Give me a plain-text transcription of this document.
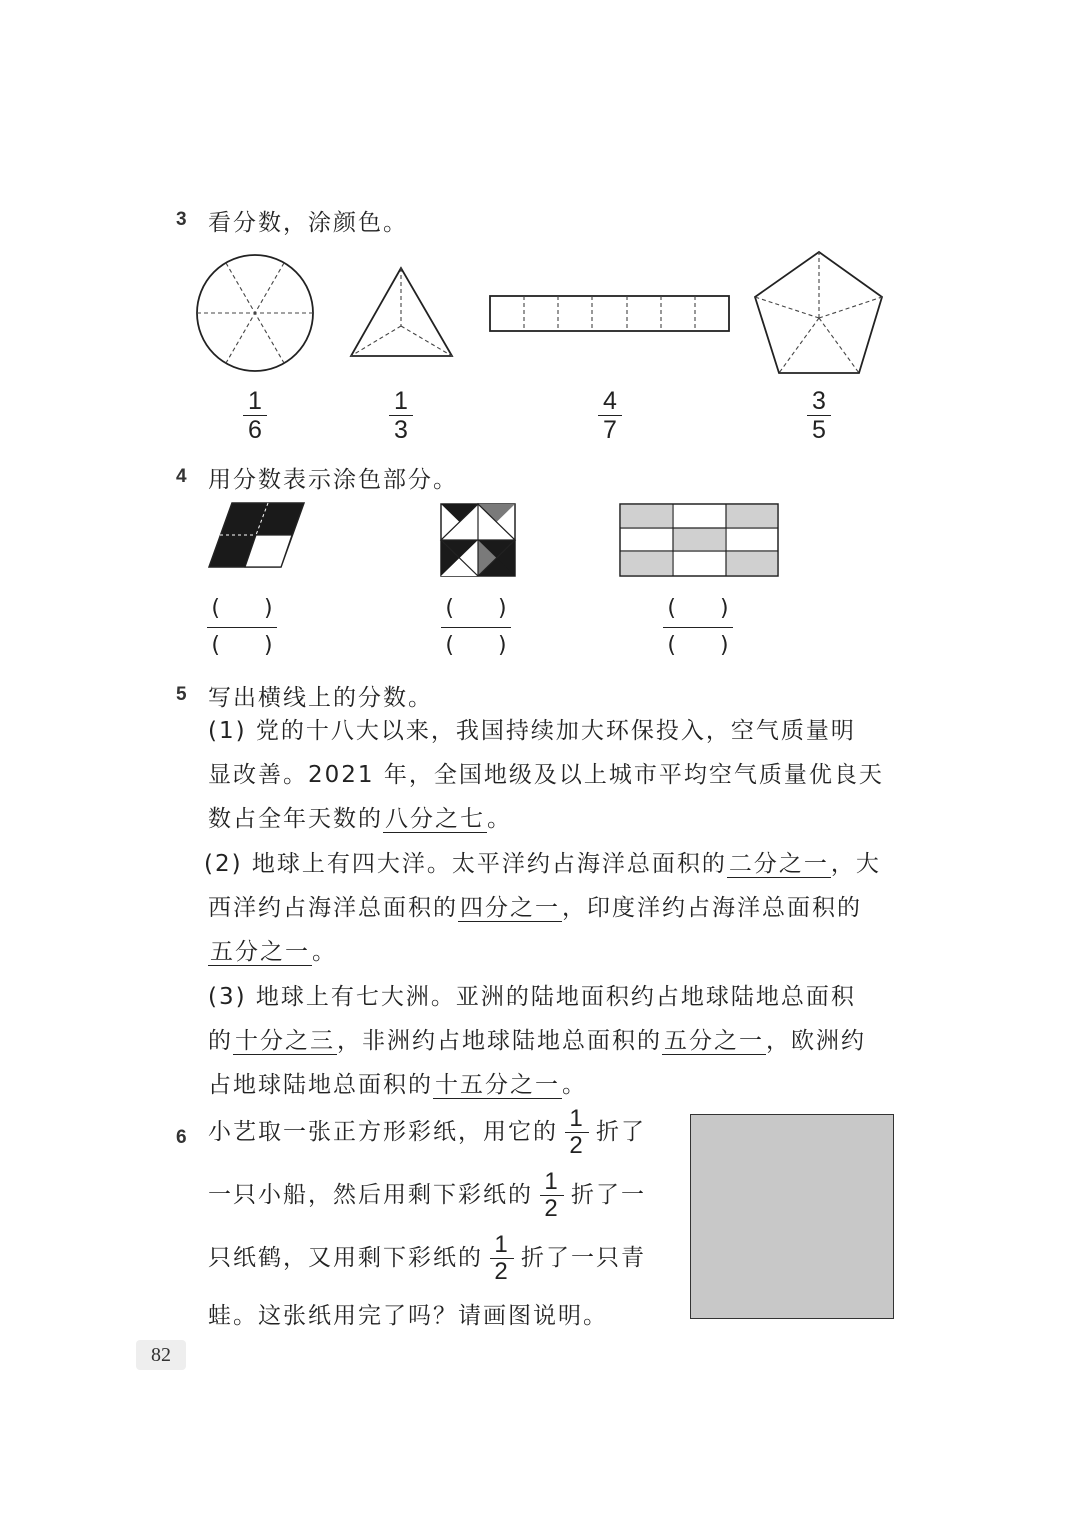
3 看分数，涂颜色。
1
6
1
3
4
7
3
5
4 用分数表示涂色部分。
(　　)
(　　)
(　　)
(　　)
(　　)
(　　)
5 写出横线上的分数。
(1) 党的十八大以来，我国持续加大环保投入，空气质量明
显改善。2021 年，全国地级及以上城市平均空气质量优良天
数占全年天数的八分之七。
(2) 地球上有四大洋。太平洋约占海洋总面积的二分之一，大
西洋约占海洋总面积的四分之一，印度洋约占海洋总面积的
五分之一。
(3) 地球上有七大洲。亚洲的陆地面积约占地球陆地总面积
的十分之三，非洲约占地球陆地总面积的五分之一，欧洲约
占地球陆地总面积的十五分之一。
6 小艺取一张正方形彩纸，用它的 $\frac{1}{2}$ 折了
一只小船，然后用剩下彩纸的 $\frac{1}{2}$ 折了一
只纸鹤，又用剩下彩纸的 $\frac{1}{2}$ 折了一只青
蛙。这张纸用完了吗？请画图说明。
82
